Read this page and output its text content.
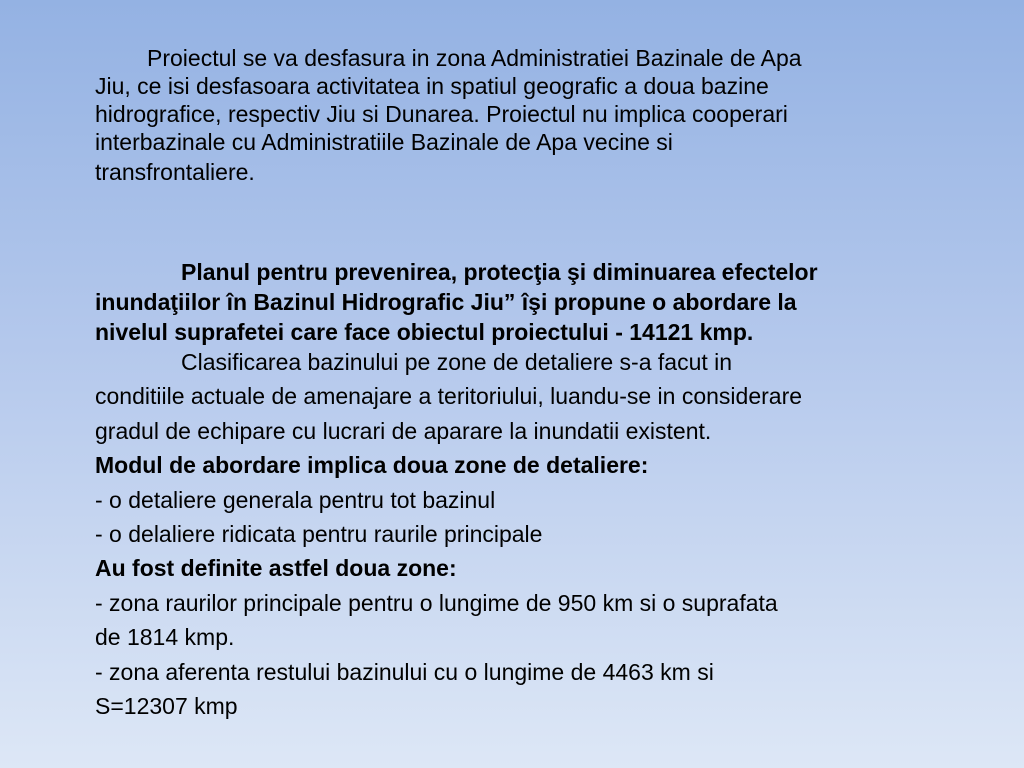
Proiectul se va desfasura in zona Administratiei Bazinale de Apa
Jiu, ce isi desfasoara activitatea in spatiul geografic a doua bazine
hidrografice, respectiv Jiu si Dunarea. Proiectul nu implica cooperari
interbazinale cu Administratiile Bazinale de Apa vecine si
transfrontaliere.

Planul pentru prevenirea, protecţia şi diminuarea efectelor
inundaţiilor în Bazinul Hidrografic Jiu” îşi propune o abordare la
nivelul suprafetei care face obiectul proiectului - 14121 kmp.

Clasificarea bazinului pe zone de detaliere s-a facut in
conditiile actuale de amenajare a teritoriului, luandu-se in considerare
gradul de echipare cu lucrari de aparare la inundatii existent.
Modul de abordare implica doua zone de detaliere:
- o detaliere generala pentru tot bazinul
- o delaliere ridicata pentru raurile principale
Au fost definite astfel doua zone:
- zona raurilor principale pentru o lungime de 950 km si o suprafata
de 1814 kmp.
- zona aferenta restului bazinului cu o lungime de 4463 km si
S=12307 kmp
